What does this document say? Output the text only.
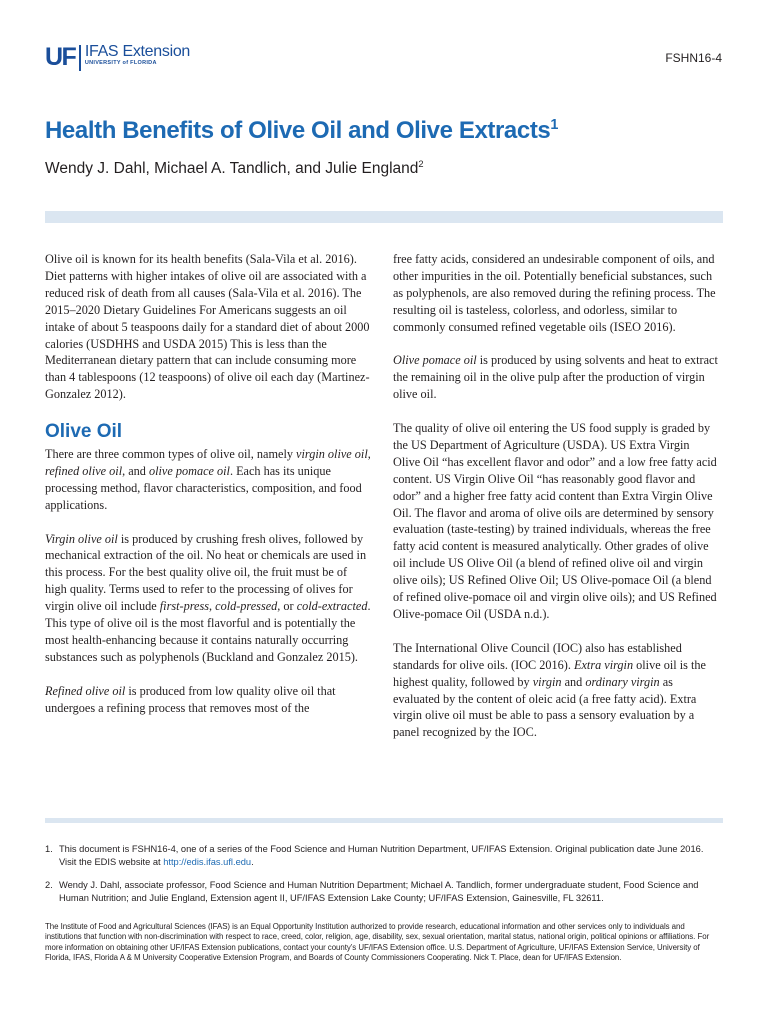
UF IFAS Extension
UNIVERSITY of FLORIDA	FSHN16-4
Health Benefits of Olive Oil and Olive Extracts$^1$
Wendy J. Dahl, Michael A. Tandlich, and Julie England$^2$

Olive oil is known for its health benefits (Sala-Vila et al. 2016). Diet patterns with higher intakes of olive oil are associated with a reduced risk of death from all causes (Sala-Vila et al. 2016). The 2015–2020 Dietary Guidelines For Americans suggests an oil intake of about 5 teaspoons daily for a standard diet of about 2000 calories (USDHHS and USDA 2015) This is less than the Mediterranean dietary pattern that can include consuming more than 4 tablespoons (12 teaspoons) of olive oil each day (Martinez-Gonzalez 2012).

Olive Oil

There are three common types of olive oil, namely virgin olive oil, refined olive oil, and olive pomace oil. Each has its unique processing method, flavor characteristics, composition, and food applications.

Virgin olive oil is produced by crushing fresh olives, followed by mechanical extraction of the oil. No heat or chemicals are used in this process. For the best quality olive oil, the fruit must be of high quality. Terms used to refer to the processing of olives for virgin olive oil include first-press, cold-pressed, or cold-extracted. This type of olive oil is the most flavorful and is potentially the most health-enhancing because it contains naturally occurring substances such as polyphenols (Buckland and Gonzalez 2015).

Refined olive oil is produced from low quality olive oil that undergoes a refining process that removes most of the

free fatty acids, considered an undesirable component of oils, and other impurities in the oil. Potentially beneficial substances, such as polyphenols, are also removed during the refining process. The resulting oil is tasteless, colorless, and odorless, similar to commonly consumed refined vegetable oils (ISEO 2016).

Olive pomace oil is produced by using solvents and heat to extract the remaining oil in the olive pulp after the production of virgin olive oil.

The quality of olive oil entering the US food supply is graded by the US Department of Agriculture (USDA). US Extra Virgin Olive Oil “has excellent flavor and odor” and a low free fatty acid content. US Virgin Olive Oil “has reasonably good flavor and odor” and a higher free fatty acid content than Extra Virgin Olive Oil. The flavor and aroma of olive oils are determined by sensory evaluation (taste-testing) by trained individuals, whereas the free fatty acid content is measured analytically. Other grades of olive oil include US Olive Oil (a blend of refined olive oil and virgin olive oils); US Refined Olive Oil; US Olive-pomace Oil (a blend of refined olive-pomace oil and virgin olive oils); and US Refined Olive-pomace Oil (USDA n.d.).

The International Olive Council (IOC) also has established standards for olive oils. (IOC 2016). Extra virgin olive oil is the highest quality, followed by virgin and ordinary virgin as evaluated by the content of oleic acid (a free fatty acid). Extra virgin olive oil must be able to pass a sensory evaluation by a panel recognized by the IOC.

1. This document is FSHN16-4, one of a series of the Food Science and Human Nutrition Department, UF/IFAS Extension. Original publication date June 2016. Visit the EDIS website at http://edis.ifas.ufl.edu.
2. Wendy J. Dahl, associate professor, Food Science and Human Nutrition Department; Michael A. Tandlich, former undergraduate student, Food Science and Human Nutrition; and Julie England, Extension agent II, UF/IFAS Extension Lake County; UF/IFAS Extension, Gainesville, FL 32611.
The Institute of Food and Agricultural Sciences (IFAS) is an Equal Opportunity Institution authorized to provide research, educational information and other services only to individuals and institutions that function with non-discrimination with respect to race, creed, color, religion, age, disability, sex, sexual orientation, marital status, national origin, political opinions or affiliations. For more information on obtaining other UF/IFAS Extension publications, contact your county’s UF/IFAS Extension office. U.S. Department of Agriculture, UF/IFAS Extension Service, University of Florida, IFAS, Florida A & M University Cooperative Extension Program, and Boards of County Commissioners Cooperating. Nick T. Place, dean for UF/IFAS Extension.
